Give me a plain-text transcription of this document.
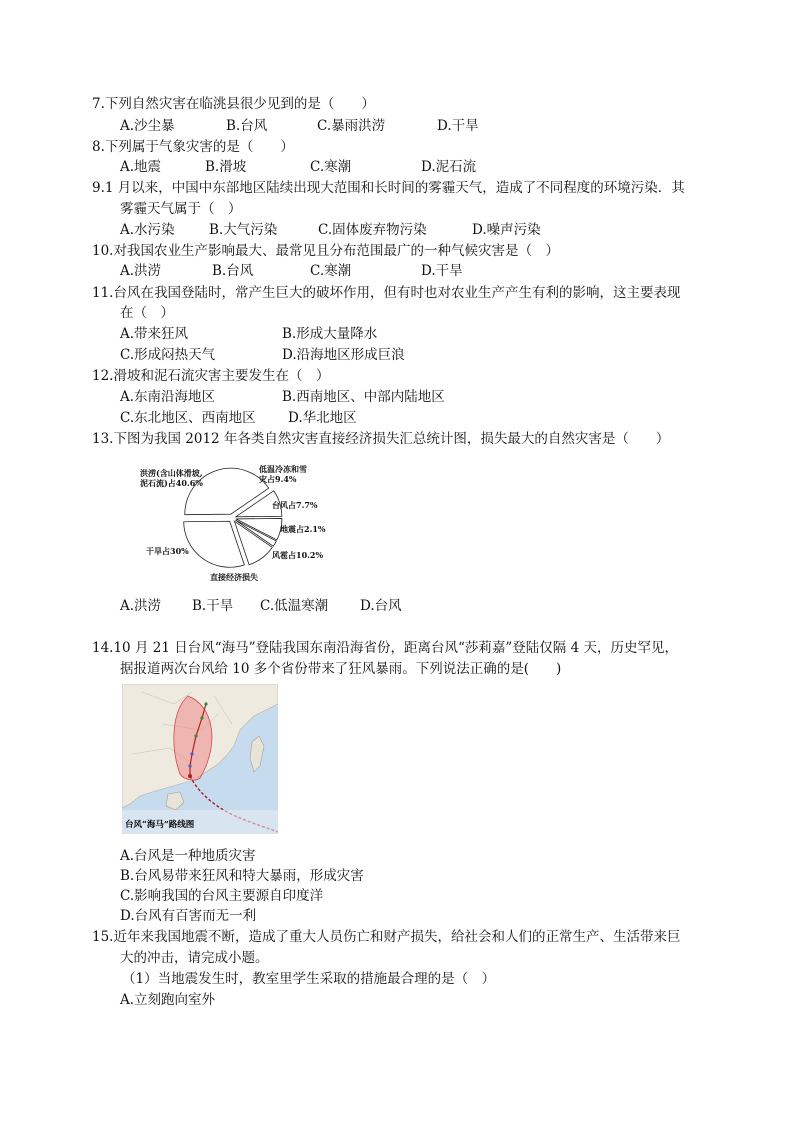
7.下列自然灾害在临洮县很少见到的是（　　）
A.沙尘暴	B.台风	C.暴雨洪涝	D.干旱
8.下列属于气象灾害的是（　　）
A.地震	B.滑坡	C.寒潮	D.泥石流
9.1 月以来，中国中东部地区陆续出现大范围和长时间的雾霾天气，造成了不同程度的环境污染．其
雾霾天气属于（　）
A.水污染	B.大气污染	C.固体废弃物污染	D.噪声污染
10.对我国农业生产影响最大、最常见且分布范围最广的一种气候灾害是（　）
A.洪涝	B.台风	C.寒潮	D.干旱
11.台风在我国登陆时，常产生巨大的破坏作用，但有时也对农业生产产生有利的影响，这主要表现
在（　）
A.带来狂风	B.形成大量降水
C.形成闷热天气	D.沿海地区形成巨浪
12.滑坡和泥石流灾害主要发生在（　）
A.东南沿海地区	B.西南地区、中部内陆地区
C.东北地区、西南地区 D.华北地区
13.下图为我国 2012 年各类自然灾害直接经济损失汇总统计图，损失最大的自然灾害是（　　）
洪涝(含山体滑坡,
泥石流)占40.6%
低温冷冻和雪
灾占9.4%
台风占7.7%
地震占2.1%
风雹占10.2%
干旱占30%
直接经济损失
A.洪涝 B.干旱 C.低温寒潮 D.台风
14.10 月 21 日台风“海马”登陆我国东南沿海省份，距离台风“莎莉嘉”登陆仅隔 4 天，历史罕见，
据报道两次台风给 10 多个省份带来了狂风暴雨。下列说法正确的是(　　)
台风“海马”路线图
A.台风是一种地质灾害
B.台风易带来狂风和特大暴雨，形成灾害
C.影响我国的台风主要源自印度洋
D.台风有百害而无一利
15.近年来我国地震不断，造成了重大人员伤亡和财产损失，给社会和人们的正常生产、生活带来巨
大的冲击，请完成小题。
（1）当地震发生时，教室里学生采取的措施最合理的是（　）
A.立刻跑向室外
